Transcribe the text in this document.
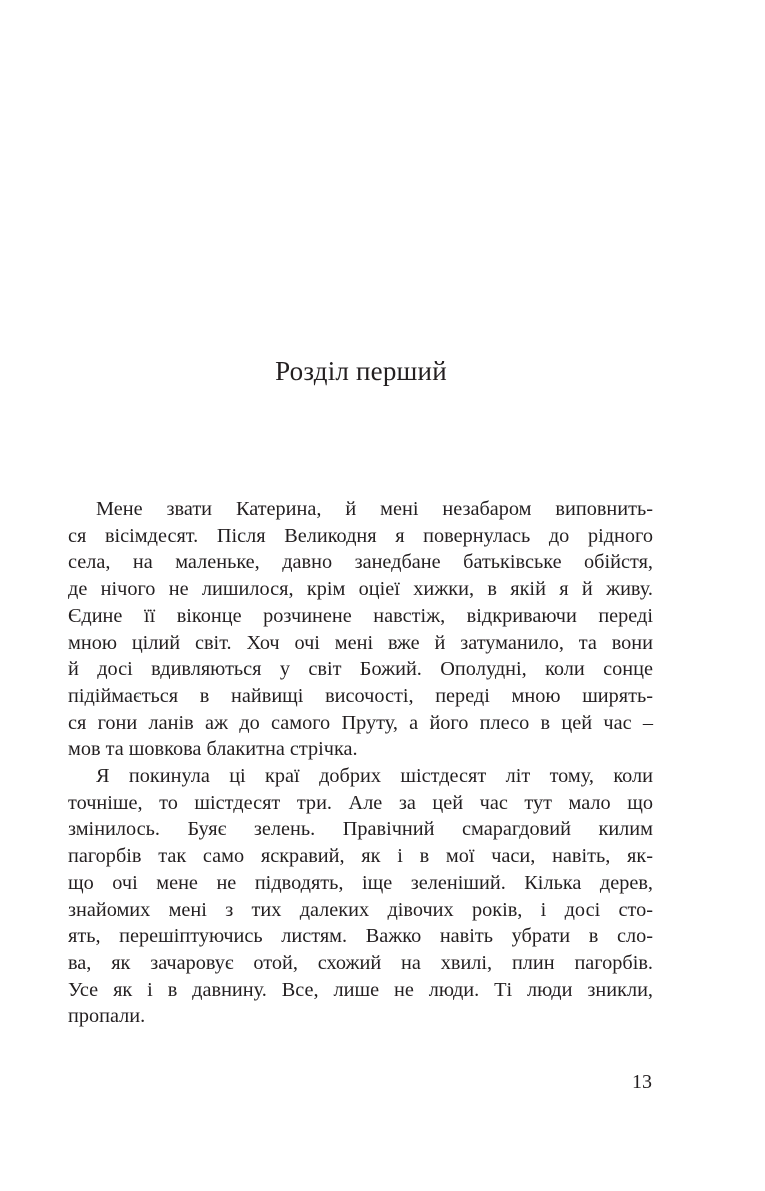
Розділ перший

Мене звати Катерина, й мені незабаром виповнить-
ся вісімдесят. Після Великодня я повернулась до рідного
села, на маленьке, давно занедбане батьківське обійстя,
де нічого не лишилося, крім оціеї хижки, в якій я й живу.
Єдине її віконце розчинене навстіж, відкриваючи переді
мною цілий світ. Хоч очі мені вже й затуманило, та вони
й досі вдивляються у світ Божий. Опoлудні, коли сонце
підіймається в найвищі височості, переді мною ширять-
ся гони ланів аж до самого Пруту, а його плесо в цей час –
мов та шовкова блакитна стрічка.

Я покинула ці краї добрих шістдесят літ тому, коли
точніше, то шістдесят три. Але за цей час тут мало що
змінилось. Буяє зелень. Правічний смарагдовий килим
пагорбів так само яскравий, як і в мої часи, навіть, як-
що очі мене не підводять, іще зеленіший. Кілька дерев,
знайомих мені з тих далеких дівочих років, і досі сто-
ять, перешіптуючись листям. Важко навіть убрати в сло-
ва, як зачаровує отой, схожий на хвилі, плин пагорбів.
Усе як і в давнину. Все, лише не люди. Ті люди зникли,
пропали.

13
